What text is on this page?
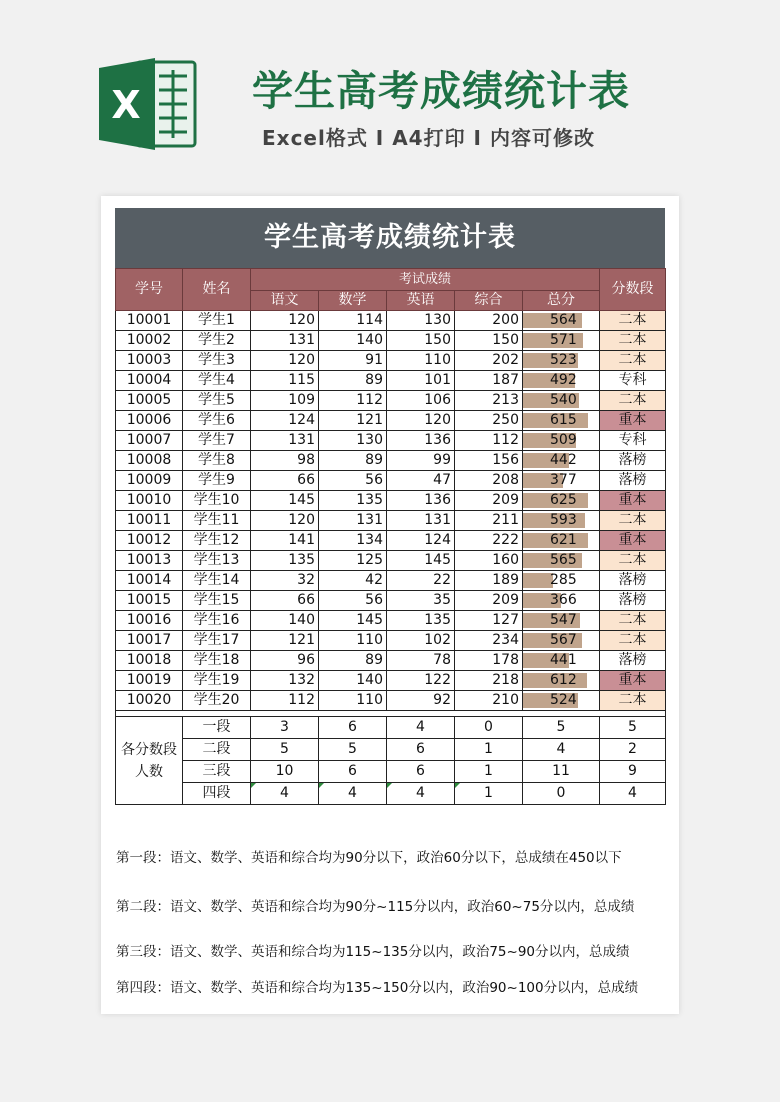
X	学生高考成绩统计表
Excel格式 I A4打印 I 内容可修改
学生高考成绩统计表
学号	姓名	考试成绩					分数段
		语文	数学	英语	综合	总分	
10001	学生1	120	114	130	200	564	二本
10002	学生2	131	140	150	150	571	二本
10003	学生3	120	91	110	202	523	二本
10004	学生4	115	89	101	187	492	专科
10005	学生5	109	112	106	213	540	二本
10006	学生6	124	121	120	250	615	重本
10007	学生7	131	130	136	112	509	专科
10008	学生8	98	89	99	156	442	落榜
10009	学生9	66	56	47	208	377	落榜
10010	学生10	145	135	136	209	625	重本
10011	学生11	120	131	131	211	593	二本
10012	学生12	141	134	124	222	621	重本
10013	学生13	135	125	145	160	565	二本
10014	学生14	32	42	22	189	285	落榜
10015	学生15	66	56	35	209	366	落榜
10016	学生16	140	145	135	127	547	二本
10017	学生17	121	110	102	234	567	二本
10018	学生18	96	89	78	178	441	落榜
10019	学生19	132	140	122	218	612	重本
10020	学生20	112	110	92	210	524	二本

各分数段人数	一段	3	6	4	0	5	5
	二段	5	5	6	1	4	2
	三段	10	6	6	1	11	9
	四段	4	4	4	1	0	4
第一段：语文、数学、英语和综合均为90分以下，政治60分以下，总成绩在450以下
第二段：语文、数学、英语和综合均为90分~115分以内，政治60~75分以内，总成绩
第三段：语文、数学、英语和综合均为115~135分以内，政治75~90分以内，总成绩
第四段：语文、数学、英语和综合均为135~150分以内，政治90~100分以内，总成绩
